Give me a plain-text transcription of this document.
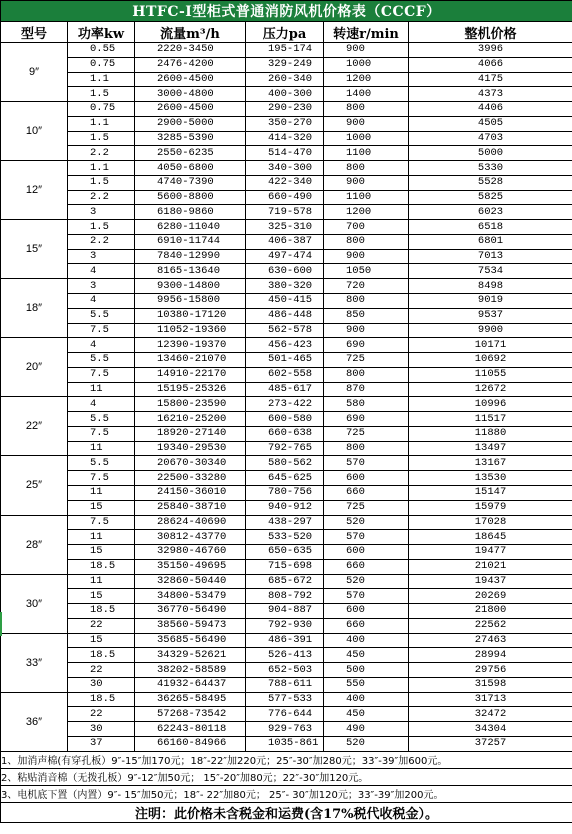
HTFC-Ⅰ型柜式普通消防风机价格表（CCCF）					
型号	功率kw	流量m³/h	压力pa	转速r/min	整机价格
9″	0.55	2220-3450	195-174	900	3996
	0.75	2476-4200	329-249	1000	4066
	1.1	2600-4500	260-340	1200	4175
	1.5	3000-4800	400-300	1400	4373
10″	0.75	2600-4500	290-230	800	4406
	1.1	2900-5000	350-270	900	4505
	1.5	3285-5390	414-320	1000	4703
	2.2	2550-6235	514-470	1100	5000
12″	1.1	4050-6800	340-300	800	5330
	1.5	4740-7390	422-340	900	5528
	2.2	5600-8800	660-490	1100	5825
	3	6180-9860	719-578	1200	6023
15″	1.5	6280-11040	325-310	700	6518
	2.2	6910-11744	406-387	800	6801
	3	7840-12990	497-474	900	7013
	4	8165-13640	630-600	1050	7534
18″	3	9300-14800	380-320	720	8498
	4	9956-15800	450-415	800	9019
	5.5	10380-17120	486-448	850	9537
	7.5	11052-19360	562-578	900	9900
20″	4	12390-19370	456-423	690	10171
	5.5	13460-21070	501-465	725	10692
	7.5	14910-22170	602-558	800	11055
	11	15195-25326	485-617	870	12672
22″	4	15800-23590	273-422	580	10996
	5.5	16210-25200	600-580	690	11517
	7.5	18920-27140	660-638	725	11880
	11	19340-29530	792-765	800	13497
25″	5.5	20670-30340	580-562	570	13167
	7.5	22500-33280	645-625	600	13530
	11	24150-36010	780-756	660	15147
	15	25840-38710	940-912	725	15979
28″	7.5	28624-40690	438-297	520	17028
	11	30812-43770	533-520	570	18645
	15	32980-46760	650-635	600	19477
	18.5	35150-49695	715-698	660	21021
30″	11	32860-50440	685-672	520	19437
	15	34800-53479	808-792	570	20269
	18.5	36770-56490	904-887	600	21800
	22	38560-59473	792-930	660	22562
33″	15	35685-56490	486-391	400	27463
	18.5	34329-52621	526-413	450	28994
	22	38202-58589	652-503	500	29756
	30	41932-64437	788-611	550	31598
36″	18.5	36265-58495	577-533	400	31713
	22	57268-73542	776-644	450	32472
	30	62243-80118	929-763	490	34304
	37	66160-84966	1035-861	520	37257
1、加消声棉(有穿孔板）9″-15″加170元；18″-22″加220元；25″-30″加280元；33″-39″加600元。					
2、粘贴消音棉（无拨孔板）9″-12″加50元； 15″-20″加80元；22″-30″加120元。					
3、电机底下置（内置）9″- 15″加50元；18″- 22″加80元； 25″- 30″加120元；33″-39″加200元。					
注明：此价格未含税金和运费(含17%税代收税金）。					
